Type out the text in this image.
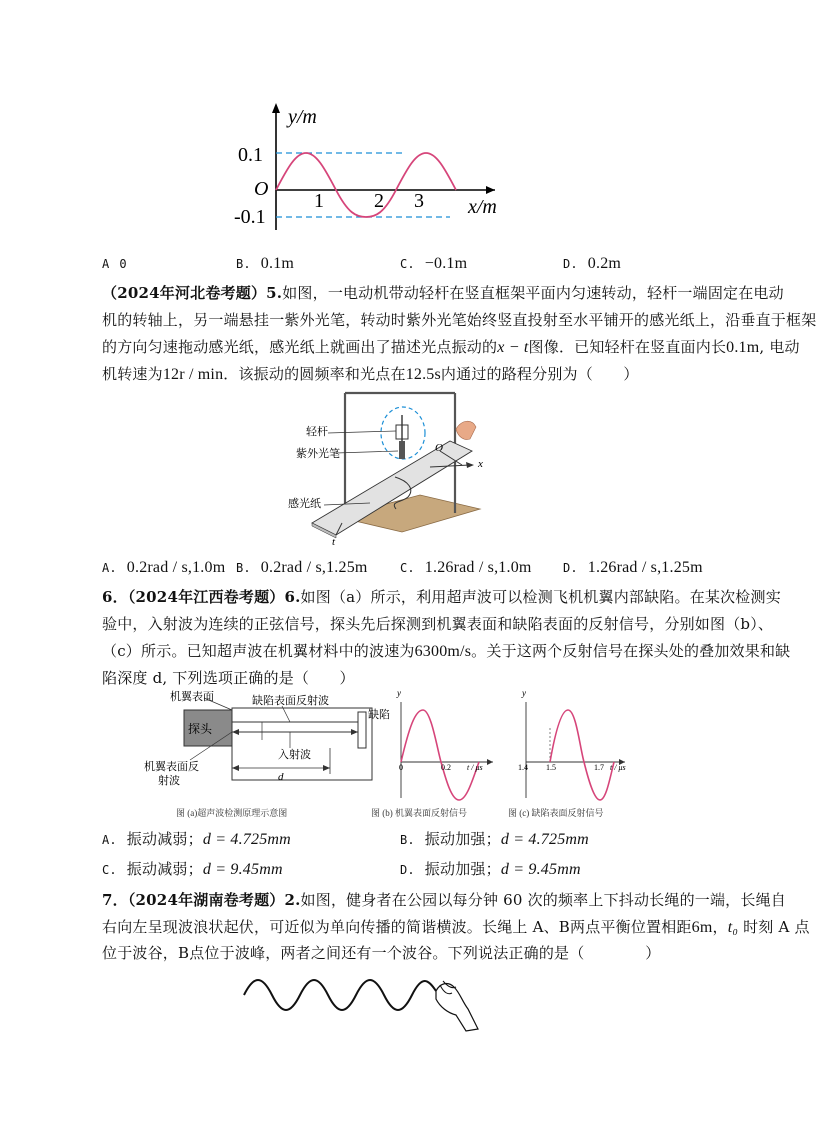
y/m
0.1
O
-0.1
1	2 3 x/m
A 0	B. 0.1m	C. −0.1m	D. 0.2m
（2024年河北卷考题）5.如图，一电动机带动轻杆在竖直框架平面内匀速转动，轻杆一端固定在电动
机的转轴上，另一端悬挂一紫外光笔，转动时紫外光笔始终竖直投射至水平铺开的感光纸上，沿垂直于框架
的方向匀速拖动感光纸，感光纸上就画出了描述光点振动的x − t图像．已知轻杆在竖直面内长0.1m, 电动
机转速为12r / min．该振动的圆频率和光点在12.5s内通过的路程分别为（　　）
轻杆
紫外光笔
感光纸
O
x
t
A. 0.2rad / s,1.0m B. 0.2rad / s,1.25m	C. 1.26rad / s,1.0m	D. 1.26rad / s,1.25m
6．（2024年江西卷考题）6.如图（a）所示，利用超声波可以检测飞机机翼内部缺陷。在某次检测实
验中，入射波为连续的正弦信号，探头先后探测到机翼表面和缺陷表面的反射信号，分别如图（b）、
（c）所示。已知超声波在机翼材料中的波速为6300m/s。关于这两个反射信号在探头处的叠加效果和缺
陷深度 d, 下列选项正确的是（　　）
机翼表面	缺陷表面反射波
探头
缺陷
入射波
机翼表面反
射波	d
图 (a)超声波检测原理示意图
y
0	0.2 t / μs
图 (b) 机翼表面反射信号
y
1.4 1.5	1.7 t / μs
图 (c) 缺陷表面反射信号
A. 振动减弱；d = 4.725mm	B. 振动加强；d = 4.725mm
C. 振动减弱；d = 9.45mm	D. 振动加强；d = 9.45mm
7．（2024年湖南卷考题）2.如图，健身者在公园以每分钟 60 次的频率上下抖动长绳的一端，长绳自
右向左呈现波浪状起伏，可近似为单向传播的简谐横波。长绳上 A、B两点平衡位置相距6m，t₀ 时刻 A 点
位于波谷，B点位于波峰，两者之间还有一个波谷。下列说法正确的是（　　　　）
